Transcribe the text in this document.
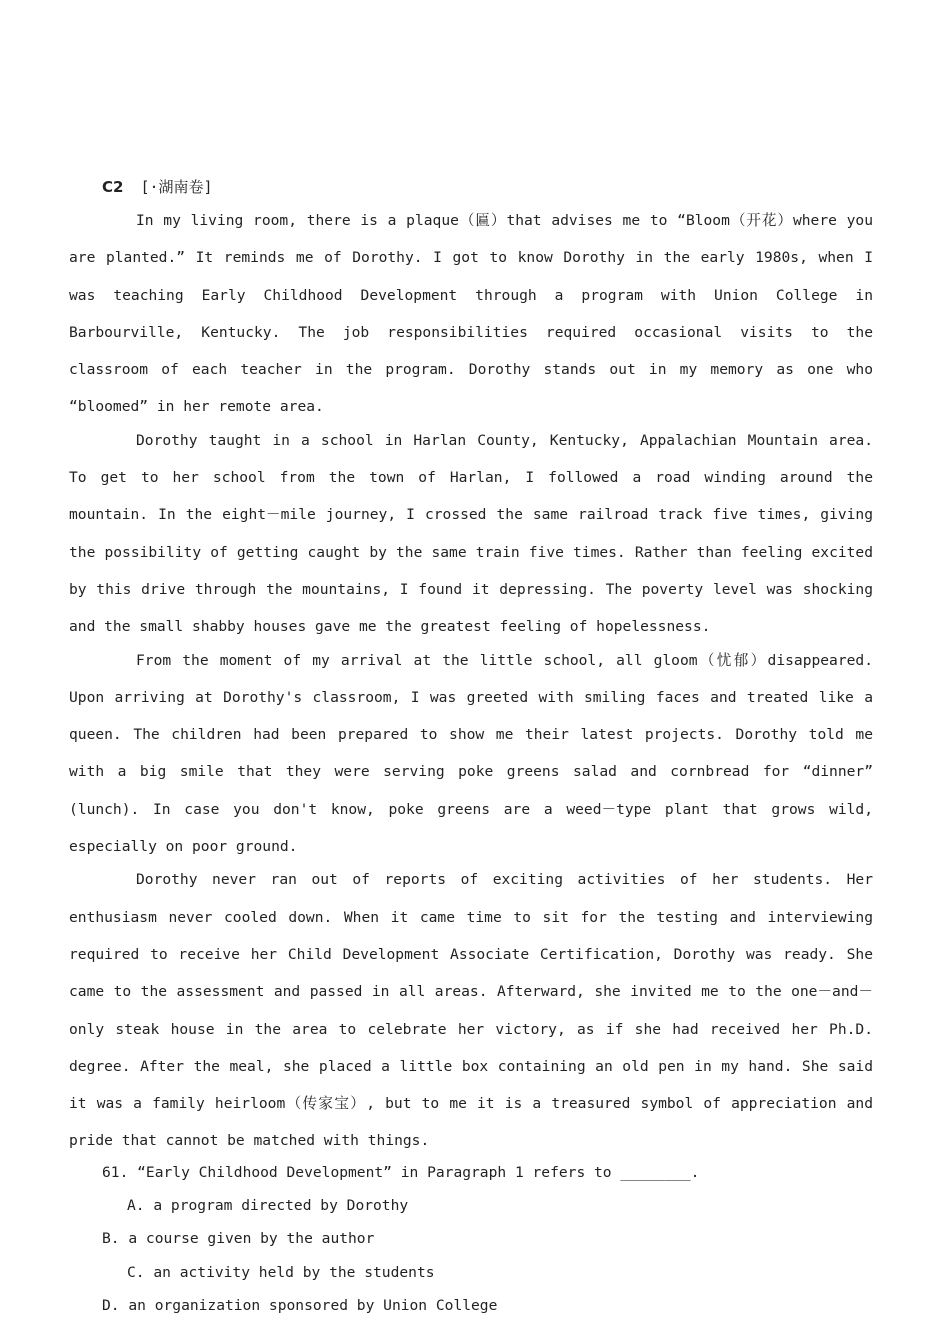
C2 [·湖南卷]

In my living room, there is a plaque（匾）that advises me to “Bloom（开花）where you are planted.” It reminds me of Dorothy. I got to know Dorothy in the early 1980s, when I was teaching Early Childhood Development through a program with Union College in Barbourville, Kentucky. The job responsibilities required occasional visits to the classroom of each teacher in the program. Dorothy stands out in my memory as one who “bloomed” in her remote area.

Dorothy taught in a school in Harlan County, Kentucky, Appalachian Mountain area. To get to her school from the town of Harlan, I followed a road winding around the mountain. In the eight－mile journey, I crossed the same railroad track five times, giving the possibility of getting caught by the same train five times. Rather than feeling excited by this drive through the mountains, I found it depressing. The poverty level was shocking and the small shabby houses gave me the greatest feeling of hopelessness.

From the moment of my arrival at the little school, all gloom（忧郁）disappeared. Upon arriving at Dorothy's classroom, I was greeted with smiling faces and treated like a queen. The children had been prepared to show me their latest projects. Dorothy told me with a big smile that they were serving poke greens salad and cornbread for “dinner” (lunch). In case you don't know, poke greens are a weed－type plant that grows wild, especially on poor ground.

Dorothy never ran out of reports of exciting activities of her students. Her enthusiasm never cooled down. When it came time to sit for the testing and interviewing required to receive her Child Development Associate Certification, Dorothy was ready. She came to the assessment and passed in all areas. Afterward, she invited me to the one－and－only steak house in the area to celebrate her victory, as if she had received her Ph.D. degree. After the meal, she placed a little box containing an old pen in my hand. She said it was a family heirloom（传家宝）, but to me it is a treasured symbol of appreciation and pride that cannot be matched with things.

61. “Early Childhood Development” in Paragraph 1 refers to ________.
A. a program directed by Dorothy
B. a course given by the author
C. an activity held by the students
D. an organization sponsored by Union College
